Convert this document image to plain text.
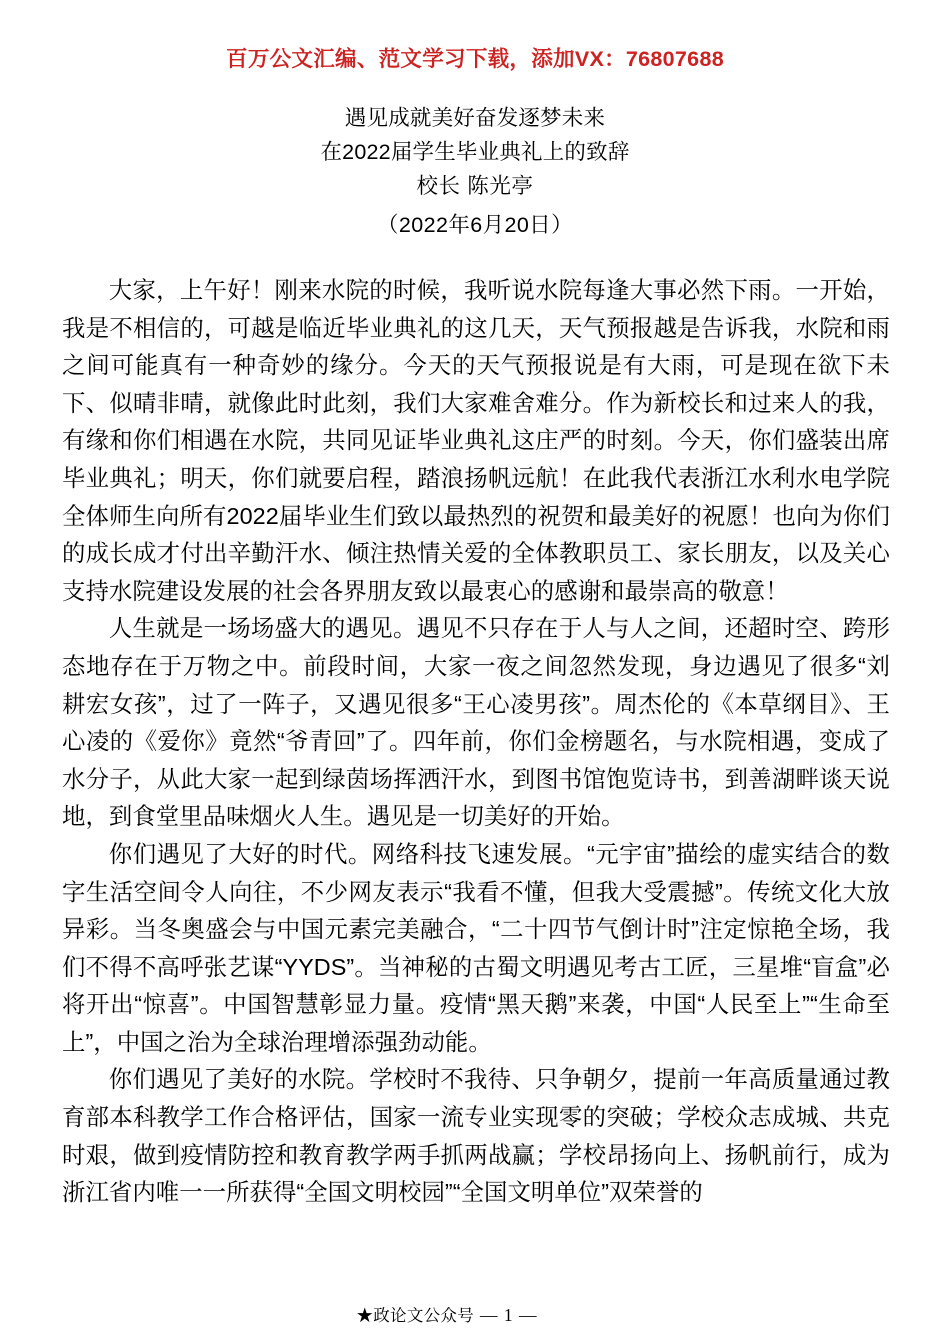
百万公文汇编、范文学习下载，添加VX：76807688
遇见成就美好奋发逐梦未来
在2022届学生毕业典礼上的致辞
校长 陈光亭
（2022年6月20日）

大家，上午好！刚来水院的时候，我听说水院每逢大事必然下雨。一开始，我是不相信的，可越是临近毕业典礼的这几天，天气预报越是告诉我，水院和雨之间可能真有一种奇妙的缘分。今天的天气预报说是有大雨，可是现在欲下未下、似晴非晴，就像此时此刻，我们大家难舍难分。作为新校长和过来人的我，有缘和你们相遇在水院，共同见证毕业典礼这庄严的时刻。今天，你们盛装出席毕业典礼；明天，你们就要启程，踏浪扬帆远航！在此我代表浙江水利水电学院全体师生向所有2022届毕业生们致以最热烈的祝贺和最美好的祝愿！也向为你们的成长成才付出辛勤汗水、倾注热情关爱的全体教职员工、家长朋友，以及关心支持水院建设发展的社会各界朋友致以最衷心的感谢和最崇高的敬意！

人生就是一场场盛大的遇见。遇见不只存在于人与人之间，还超时空、跨形态地存在于万物之中。前段时间，大家一夜之间忽然发现，身边遇见了很多“刘耕宏女孩”，过了一阵子，又遇见很多“王心凌男孩”。周杰伦的《本草纲目》、王心凌的《爱你》竟然“爷青回”了。四年前，你们金榜题名，与水院相遇，变成了水分子，从此大家一起到绿茵场挥洒汗水，到图书馆饱览诗书，到善湖畔谈天说地，到食堂里品味烟火人生。遇见是一切美好的开始。

你们遇见了大好的时代。网络科技飞速发展。“元宇宙”描绘的虚实结合的数字生活空间令人向往，不少网友表示“我看不懂，但我大受震撼”。传统文化大放异彩。当冬奥盛会与中国元素完美融合，“二十四节气倒计时”注定惊艳全场，我们不得不高呼张艺谋“YYDS”。当神秘的古蜀文明遇见考古工匠，三星堆“盲盒”必将开出“惊喜”。中国智慧彰显力量。疫情“黑天鹅”来袭，中国“人民至上”“生命至上”，中国之治为全球治理增添强劲动能。

你们遇见了美好的水院。学校时不我待、只争朝夕，提前一年高质量通过教育部本科教学工作合格评估，国家一流专业实现零的突破；学校众志成城、共克时艰，做到疫情防控和教育教学两手抓两战赢；学校昂扬向上、扬帆前行，成为浙江省内唯一一所获得“全国文明校园”“全国文明单位”双荣誉的

★政论文公众号 — 1 —
